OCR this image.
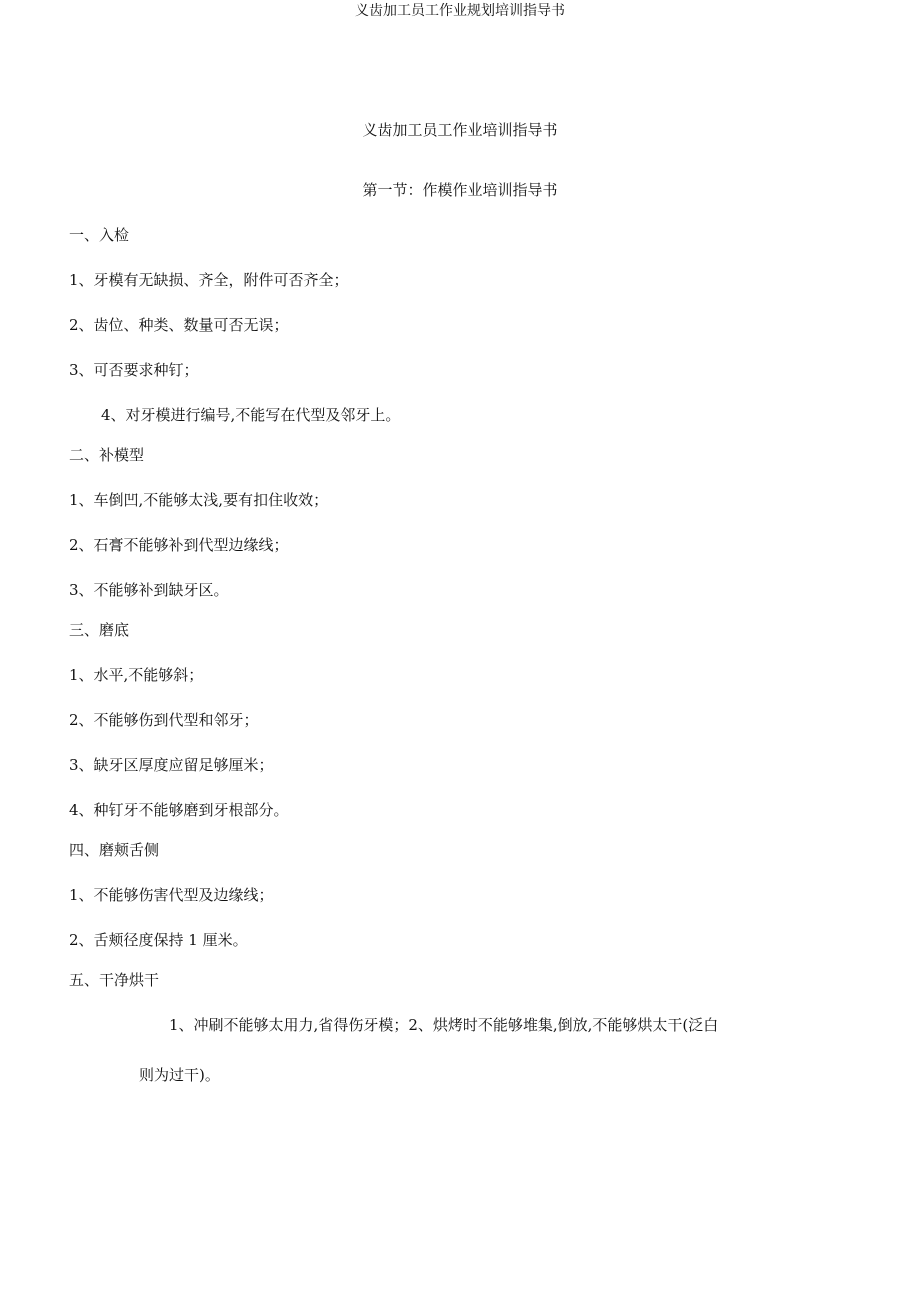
义齿加工员工作业规划培训指导书
义齿加工员工作业培训指导书
第一节：作模作业培训指导书
一、入检
1、牙模有无缺损、齐全，附件可否齐全；
2、齿位、种类、数量可否无误；
3、可否要求种钉；
4、对牙模进行编号,不能写在代型及邻牙上。
二、补模型
1、车倒凹,不能够太浅,要有扣住收效；
2、石膏不能够补到代型边缘线；
3、不能够补到缺牙区。
三、磨底
1、水平,不能够斜；
2、不能够伤到代型和邻牙；
3、缺牙区厚度应留足够厘米；
4、种钉牙不能够磨到牙根部分。
四、磨颊舌侧
1、不能够伤害代型及边缘线；
2、舌颊径度保持 1 厘米。
五、干净烘干
1、冲刷不能够太用力,省得伤牙模；2、烘烤时不能够堆集,倒放,不能够烘太干(泛白
则为过干)。
